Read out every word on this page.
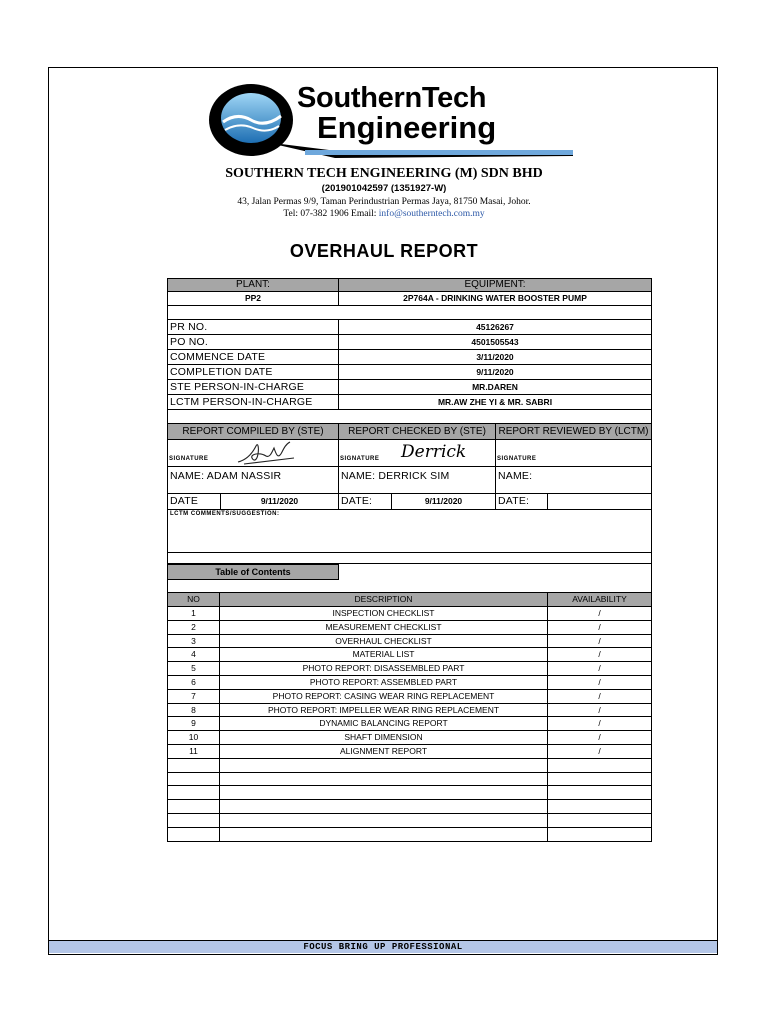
SouthernTech
Engineering
SOUTHERN TECH ENGINEERING (M) SDN BHD
(201901042597 (1351927-W)
43, Jalan Permas 9/9, Taman Perindustrian Permas Jaya, 81750 Masai, Johor.
Tel: 07-382 1906 Email: info@southerntech.com.my
OVERHAUL REPORT
PLANT:	EQUIPMENT:
PP2	2P764A - DRINKING WATER BOOSTER PUMP
PR NO.	45126267
PO NO.	4501505543
COMMENCE DATE	3/11/2020
COMPLETION DATE	9/11/2020
STE PERSON-IN-CHARGE	MR.DAREN
LCTM PERSON-IN-CHARGE	MR.AW ZHE YI & MR. SABRI
REPORT COMPILED BY (STE)	REPORT CHECKED BY (STE)	REPORT REVIEWED BY (LCTM)
SIGNATURE	SIGNATURE Derrick	SIGNATURE
NAME: ADAM NASSIR	NAME: DERRICK SIM	NAME:
DATE	9/11/2020	DATE:	9/11/2020	DATE:
LCTM COMMENTS/SUGGESTION:
Table of Contents
NO	DESCRIPTION	AVAILABILITY
1	INSPECTION CHECKLIST	/
2	MEASUREMENT CHECKLIST	/
3	OVERHAUL CHECKLIST	/
4	MATERIAL LIST	/
5	PHOTO REPORT: DISASSEMBLED PART	/
6	PHOTO REPORT: ASSEMBLED PART	/
7	PHOTO REPORT: CASING WEAR RING REPLACEMENT	/
8	PHOTO REPORT: IMPELLER WEAR RING REPLACEMENT	/
9	DYNAMIC BALANCING REPORT	/
10	SHAFT DIMENSION	/
11	ALIGNMENT REPORT	/
FOCUS BRING UP PROFESSIONAL
